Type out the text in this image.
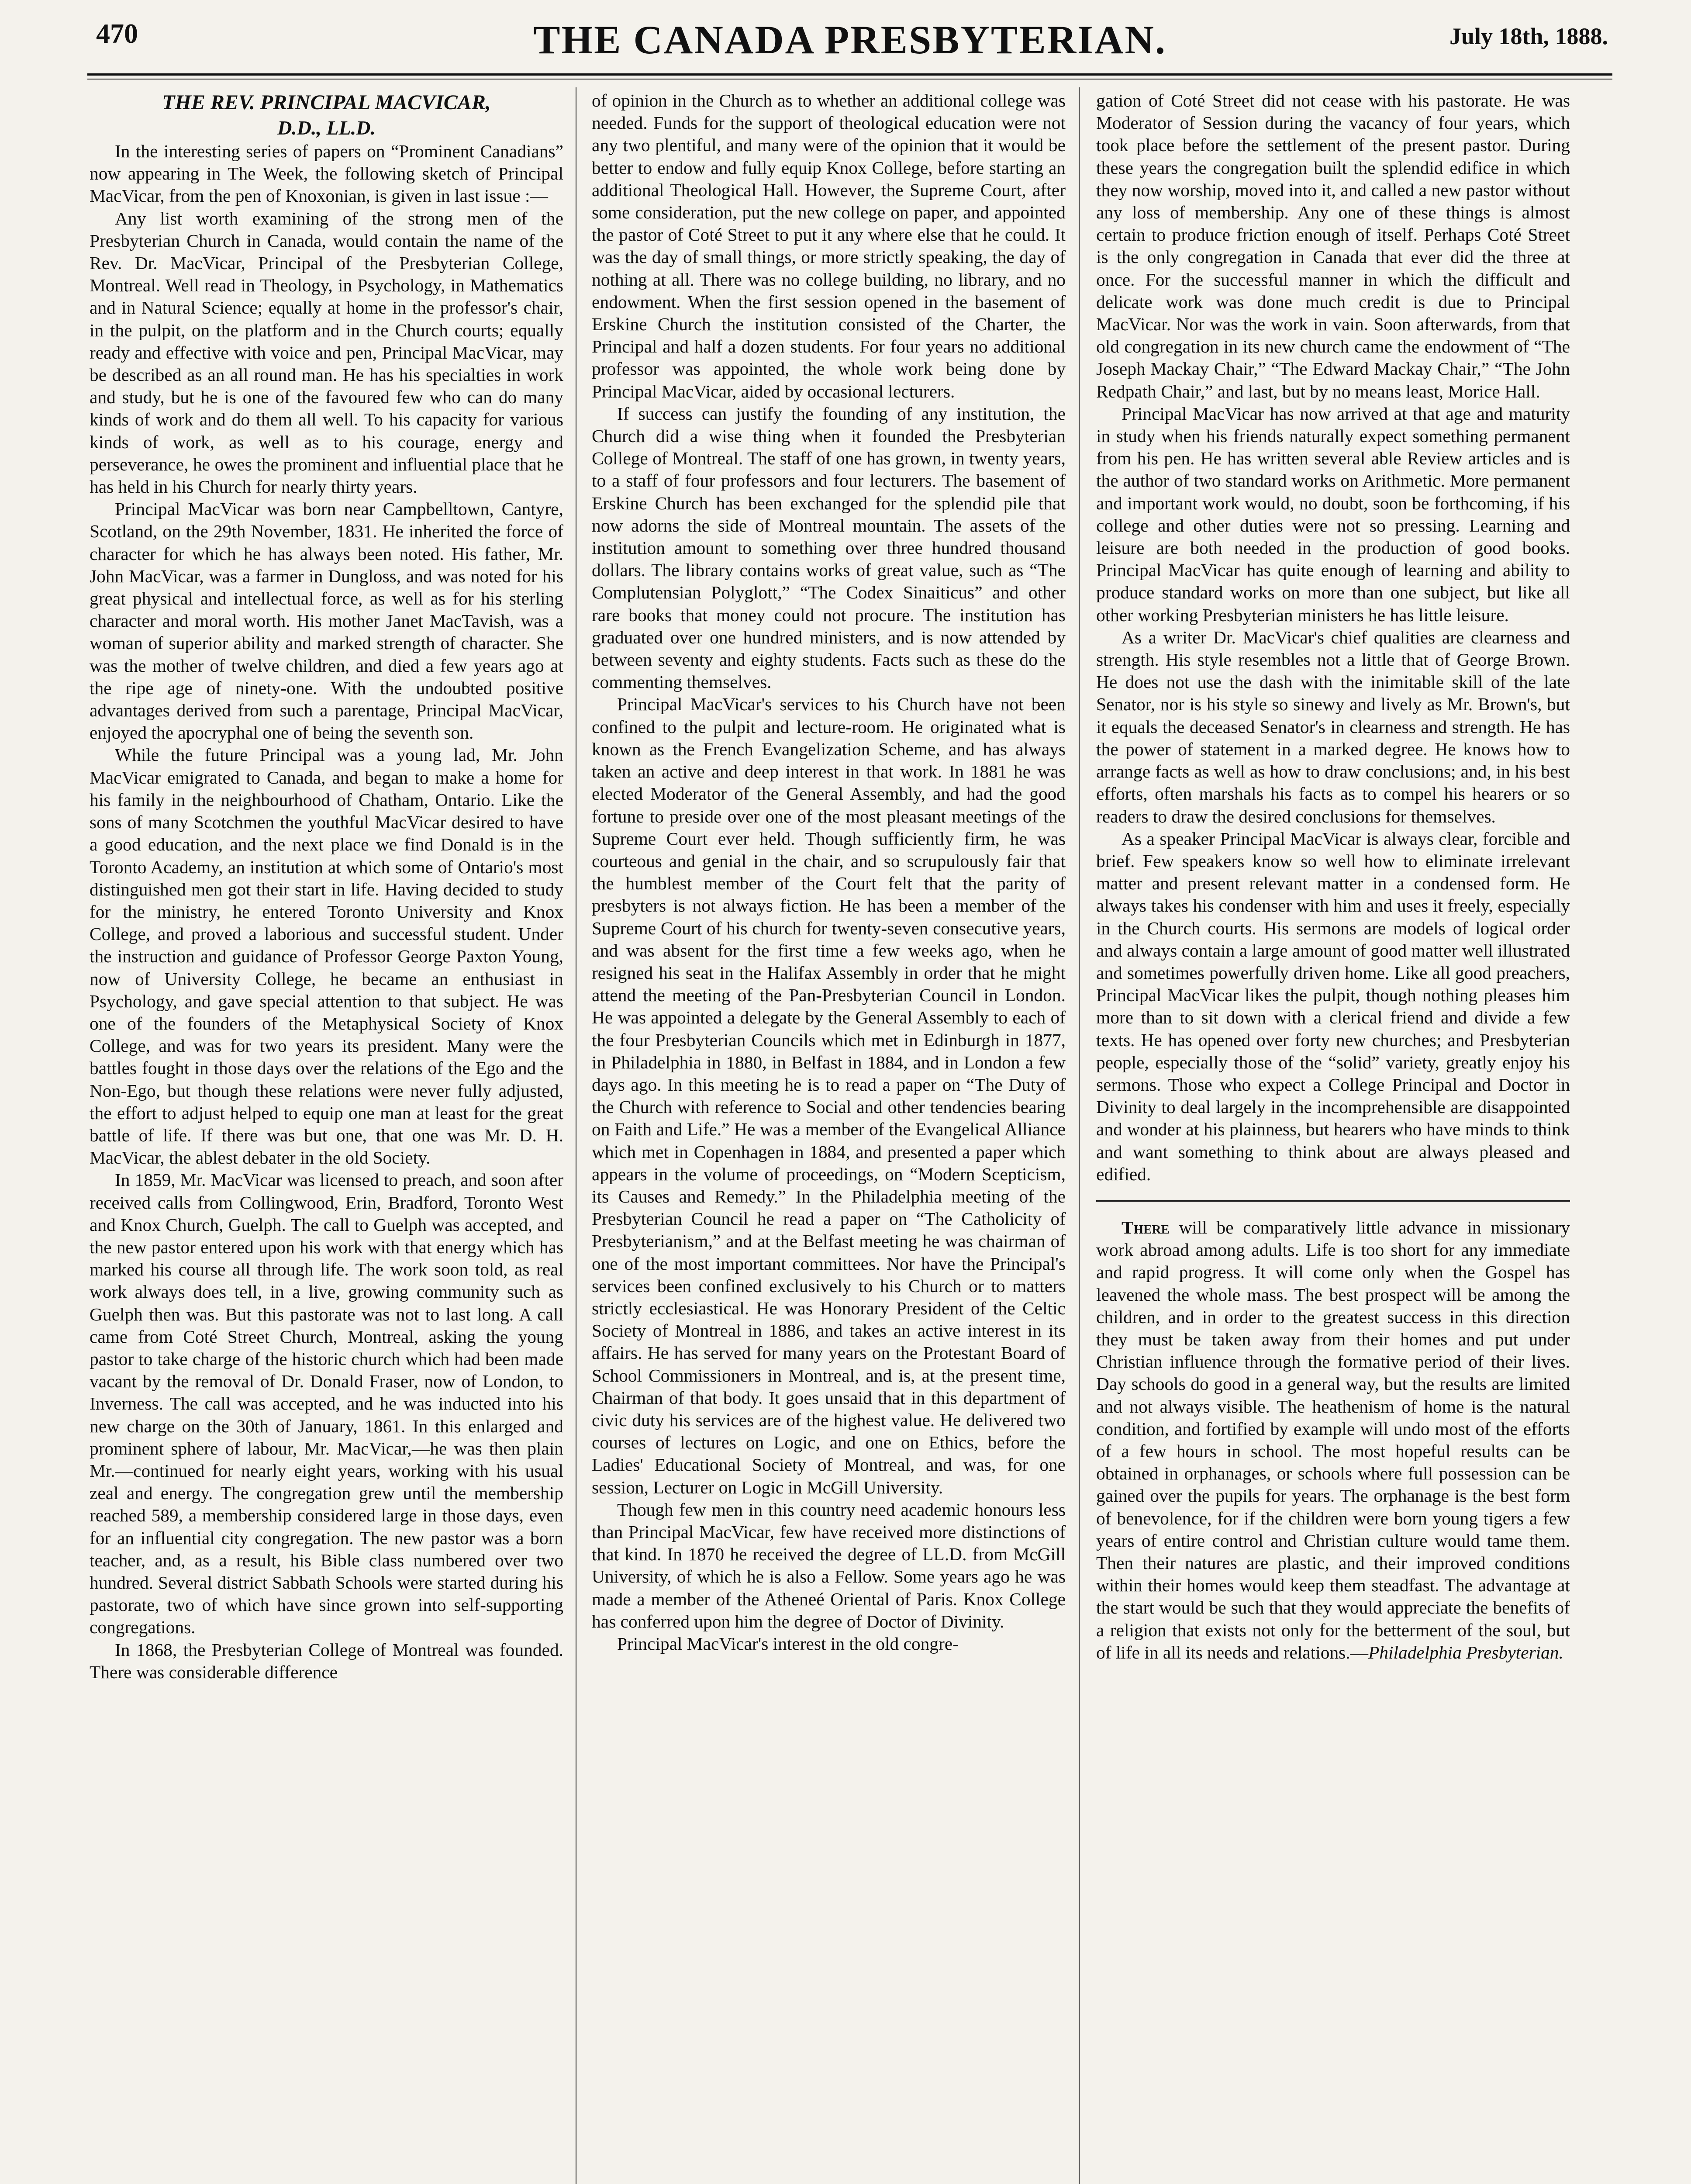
470	THE CANADA PRESBYTERIAN.	July 18th, 1888.

THE REV. PRINCIPAL MACVICAR,

D.D., LL.D.

In the interesting series of papers on “Prominent Canadians” now appearing in The Week, the following sketch of Principal MacVicar, from the pen of Knoxonian, is given in last issue :—

Any list worth examining of the strong men of the Presbyterian Church in Canada, would contain the name of the Rev. Dr. MacVicar, Principal of the Presbyterian College, Montreal. Well read in Theology, in Psychology, in Mathematics and in Natural Science; equally at home in the professor's chair, in the pulpit, on the platform and in the Church courts; equally ready and effective with voice and pen, Principal MacVicar, may be described as an all round man. He has his specialties in work and study, but he is one of the favoured few who can do many kinds of work and do them all well. To his capacity for various kinds of work, as well as to his courage, energy and perseverance, he owes the prominent and influential place that he has held in his Church for nearly thirty years.

Principal MacVicar was born near Campbelltown, Cantyre, Scotland, on the 29th November, 1831. He inherited the force of character for which he has always been noted. His father, Mr. John MacVicar, was a farmer in Dungloss, and was noted for his great physical and intellectual force, as well as for his sterling character and moral worth. His mother Janet MacTavish, was a woman of superior ability and marked strength of character. She was the mother of twelve children, and died a few years ago at the ripe age of ninety-one. With the undoubted positive advantages derived from such a parentage, Principal MacVicar, enjoyed the apocryphal one of being the seventh son.

While the future Principal was a young lad, Mr. John MacVicar emigrated to Canada, and began to make a home for his family in the neighbourhood of Chatham, Ontario. Like the sons of many Scotchmen the youthful MacVicar desired to have a good education, and the next place we find Donald is in the Toronto Academy, an institution at which some of Ontario's most distinguished men got their start in life. Having decided to study for the ministry, he entered Toronto University and Knox College, and proved a laborious and successful student. Under the instruction and guidance of Professor George Paxton Young, now of University College, he became an enthusiast in Psychology, and gave special attention to that subject. He was one of the founders of the Metaphysical Society of Knox College, and was for two years its president. Many were the battles fought in those days over the relations of the Ego and the Non-Ego, but though these relations were never fully adjusted, the effort to adjust helped to equip one man at least for the great battle of life. If there was but one, that one was Mr. D. H. MacVicar, the ablest debater in the old Society.

In 1859, Mr. MacVicar was licensed to preach, and soon after received calls from Collingwood, Erin, Bradford, Toronto West and Knox Church, Guelph. The call to Guelph was accepted, and the new pastor entered upon his work with that energy which has marked his course all through life. The work soon told, as real work always does tell, in a live, growing community such as Guelph then was. But this pastorate was not to last long. A call came from Coté Street Church, Montreal, asking the young pastor to take charge of the historic church which had been made vacant by the removal of Dr. Donald Fraser, now of London, to Inverness. The call was accepted, and he was inducted into his new charge on the 30th of January, 1861. In this enlarged and prominent sphere of labour, Mr. MacVicar,—he was then plain Mr.—continued for nearly eight years, working with his usual zeal and energy. The congregation grew until the membership reached 589, a membership considered large in those days, even for an influential city congregation. The new pastor was a born teacher, and, as a result, his Bible class numbered over two hundred. Several district Sabbath Schools were started during his pastorate, two of which have since grown into self-supporting congregations.

In 1868, the Presbyterian College of Montreal was founded. There was considerable difference

of opinion in the Church as to whether an additional college was needed. Funds for the support of theological education were not any two plentiful, and many were of the opinion that it would be better to endow and fully equip Knox College, before starting an additional Theological Hall. However, the Supreme Court, after some consideration, put the new college on paper, and appointed the pastor of Coté Street to put it any where else that he could. It was the day of small things, or more strictly speaking, the day of nothing at all. There was no college building, no library, and no endowment. When the first session opened in the basement of Erskine Church the institution consisted of the Charter, the Principal and half a dozen students. For four years no additional professor was appointed, the whole work being done by Principal MacVicar, aided by occasional lecturers.

If success can justify the founding of any institution, the Church did a wise thing when it founded the Presbyterian College of Montreal. The staff of one has grown, in twenty years, to a staff of four professors and four lecturers. The basement of Erskine Church has been exchanged for the splendid pile that now adorns the side of Montreal mountain. The assets of the institution amount to something over three hundred thousand dollars. The library contains works of great value, such as “The Complutensian Polyglott,” “The Codex Sinaiticus” and other rare books that money could not procure. The institution has graduated over one hundred ministers, and is now attended by between seventy and eighty students. Facts such as these do the commenting themselves.

Principal MacVicar's services to his Church have not been confined to the pulpit and lecture-room. He originated what is known as the French Evangelization Scheme, and has always taken an active and deep interest in that work. In 1881 he was elected Moderator of the General Assembly, and had the good fortune to preside over one of the most pleasant meetings of the Supreme Court ever held. Though sufficiently firm, he was courteous and genial in the chair, and so scrupulously fair that the humblest member of the Court felt that the parity of presbyters is not always fiction. He has been a member of the Supreme Court of his church for twenty-seven consecutive years, and was absent for the first time a few weeks ago, when he resigned his seat in the Halifax Assembly in order that he might attend the meeting of the Pan-Presbyterian Council in London. He was appointed a delegate by the General Assembly to each of the four Presbyterian Councils which met in Edinburgh in 1877, in Philadelphia in 1880, in Belfast in 1884, and in London a few days ago. In this meeting he is to read a paper on “The Duty of the Church with reference to Social and other tendencies bearing on Faith and Life.” He was a member of the Evangelical Alliance which met in Copenhagen in 1884, and presented a paper which appears in the volume of proceedings, on “Modern Scepticism, its Causes and Remedy.” In the Philadelphia meeting of the Presbyterian Council he read a paper on “The Catholicity of Presbyterianism,” and at the Belfast meeting he was chairman of one of the most important committees. Nor have the Principal's services been confined exclusively to his Church or to matters strictly ecclesiastical. He was Honorary President of the Celtic Society of Montreal in 1886, and takes an active interest in its affairs. He has served for many years on the Protestant Board of School Commissioners in Montreal, and is, at the present time, Chairman of that body. It goes unsaid that in this department of civic duty his services are of the highest value. He delivered two courses of lectures on Logic, and one on Ethics, before the Ladies' Educational Society of Montreal, and was, for one session, Lecturer on Logic in McGill University.

Though few men in this country need academic honours less than Principal MacVicar, few have received more distinctions of that kind. In 1870 he received the degree of LL.D. from McGill University, of which he is also a Fellow. Some years ago he was made a member of the Atheneé Oriental of Paris. Knox College has conferred upon him the degree of Doctor of Divinity.

Principal MacVicar's interest in the old congre-

gation of Coté Street did not cease with his pastorate. He was Moderator of Session during the vacancy of four years, which took place before the settlement of the present pastor. During these years the congregation built the splendid edifice in which they now worship, moved into it, and called a new pastor without any loss of membership. Any one of these things is almost certain to produce friction enough of itself. Perhaps Coté Street is the only congregation in Canada that ever did the three at once. For the successful manner in which the difficult and delicate work was done much credit is due to Principal MacVicar. Nor was the work in vain. Soon afterwards, from that old congregation in its new church came the endowment of “The Joseph Mackay Chair,” “The Edward Mackay Chair,” “The John Redpath Chair,” and last, but by no means least, Morice Hall.

Principal MacVicar has now arrived at that age and maturity in study when his friends naturally expect something permanent from his pen. He has written several able Review articles and is the author of two standard works on Arithmetic. More permanent and important work would, no doubt, soon be forthcoming, if his college and other duties were not so pressing. Learning and leisure are both needed in the production of good books. Principal MacVicar has quite enough of learning and ability to produce standard works on more than one subject, but like all other working Presbyterian ministers he has little leisure.

As a writer Dr. MacVicar's chief qualities are clearness and strength. His style resembles not a little that of George Brown. He does not use the dash with the inimitable skill of the late Senator, nor is his style so sinewy and lively as Mr. Brown's, but it equals the deceased Senator's in clearness and strength. He has the power of statement in a marked degree. He knows how to arrange facts as well as how to draw conclusions; and, in his best efforts, often marshals his facts as to compel his hearers or so readers to draw the desired conclusions for themselves.

As a speaker Principal MacVicar is always clear, forcible and brief. Few speakers know so well how to eliminate irrelevant matter and present relevant matter in a condensed form. He always takes his condenser with him and uses it freely, especially in the Church courts. His sermons are models of logical order and always contain a large amount of good matter well illustrated and sometimes powerfully driven home. Like all good preachers, Principal MacVicar likes the pulpit, though nothing pleases him more than to sit down with a clerical friend and divide a few texts. He has opened over forty new churches; and Presbyterian people, especially those of the “solid” variety, greatly enjoy his sermons. Those who expect a College Principal and Doctor in Divinity to deal largely in the incomprehensible are disappointed and wonder at his plainness, but hearers who have minds to think and want something to think about are always pleased and edified.

There will be comparatively little advance in missionary work abroad among adults. Life is too short for any immediate and rapid progress. It will come only when the Gospel has leavened the whole mass. The best prospect will be among the children, and in order to the greatest success in this direction they must be taken away from their homes and put under Christian influence through the formative period of their lives. Day schools do good in a general way, but the results are limited and not always visible. The heathenism of home is the natural condition, and fortified by example will undo most of the efforts of a few hours in school. The most hopeful results can be obtained in orphanages, or schools where full possession can be gained over the pupils for years. The orphanage is the best form of benevolence, for if the children were born young tigers a few years of entire control and Christian culture would tame them. Then their natures are plastic, and their improved conditions within their homes would keep them steadfast. The advantage at the start would be such that they would appreciate the benefits of a religion that exists not only for the betterment of the soul, but of life in all its needs and relations.—Philadelphia Presbyterian.
